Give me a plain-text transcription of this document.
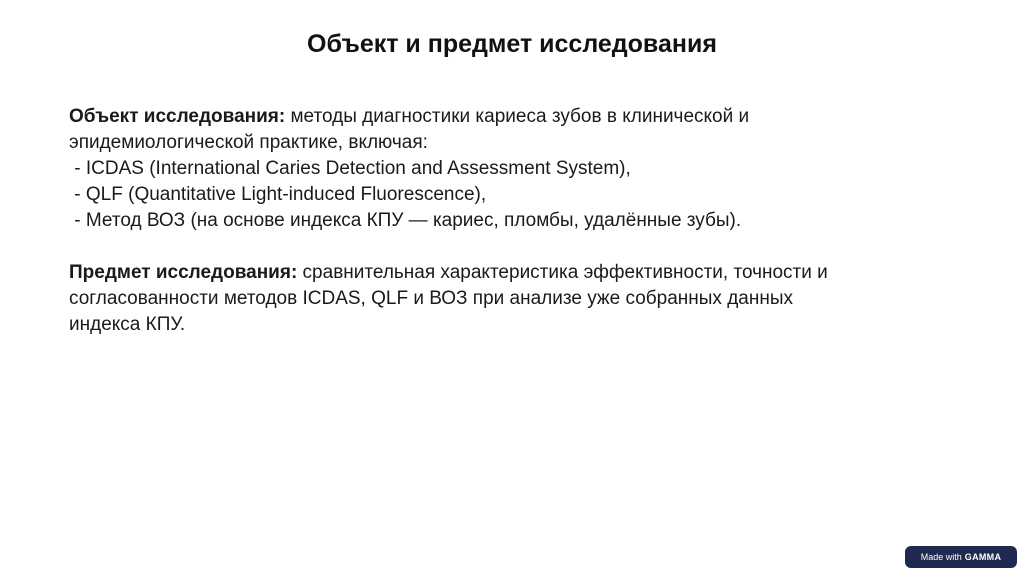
Объект и предмет исследования

Объект исследования: методы диагностики кариеса зубов в клинической и
эпидемиологической практике, включая:
- ICDAS (International Caries Detection and Assessment System),
- QLF (Quantitative Light-induced Fluorescence),
- Метод ВОЗ (на основе индекса КПУ — кариес, пломбы, удалённые зубы).

Предмет исследования: сравнительная характеристика эффективности, точности и
согласованности методов ICDAS, QLF и ВОЗ при анализе уже собранных данных
индекса КПУ.

Made with GAMMA
